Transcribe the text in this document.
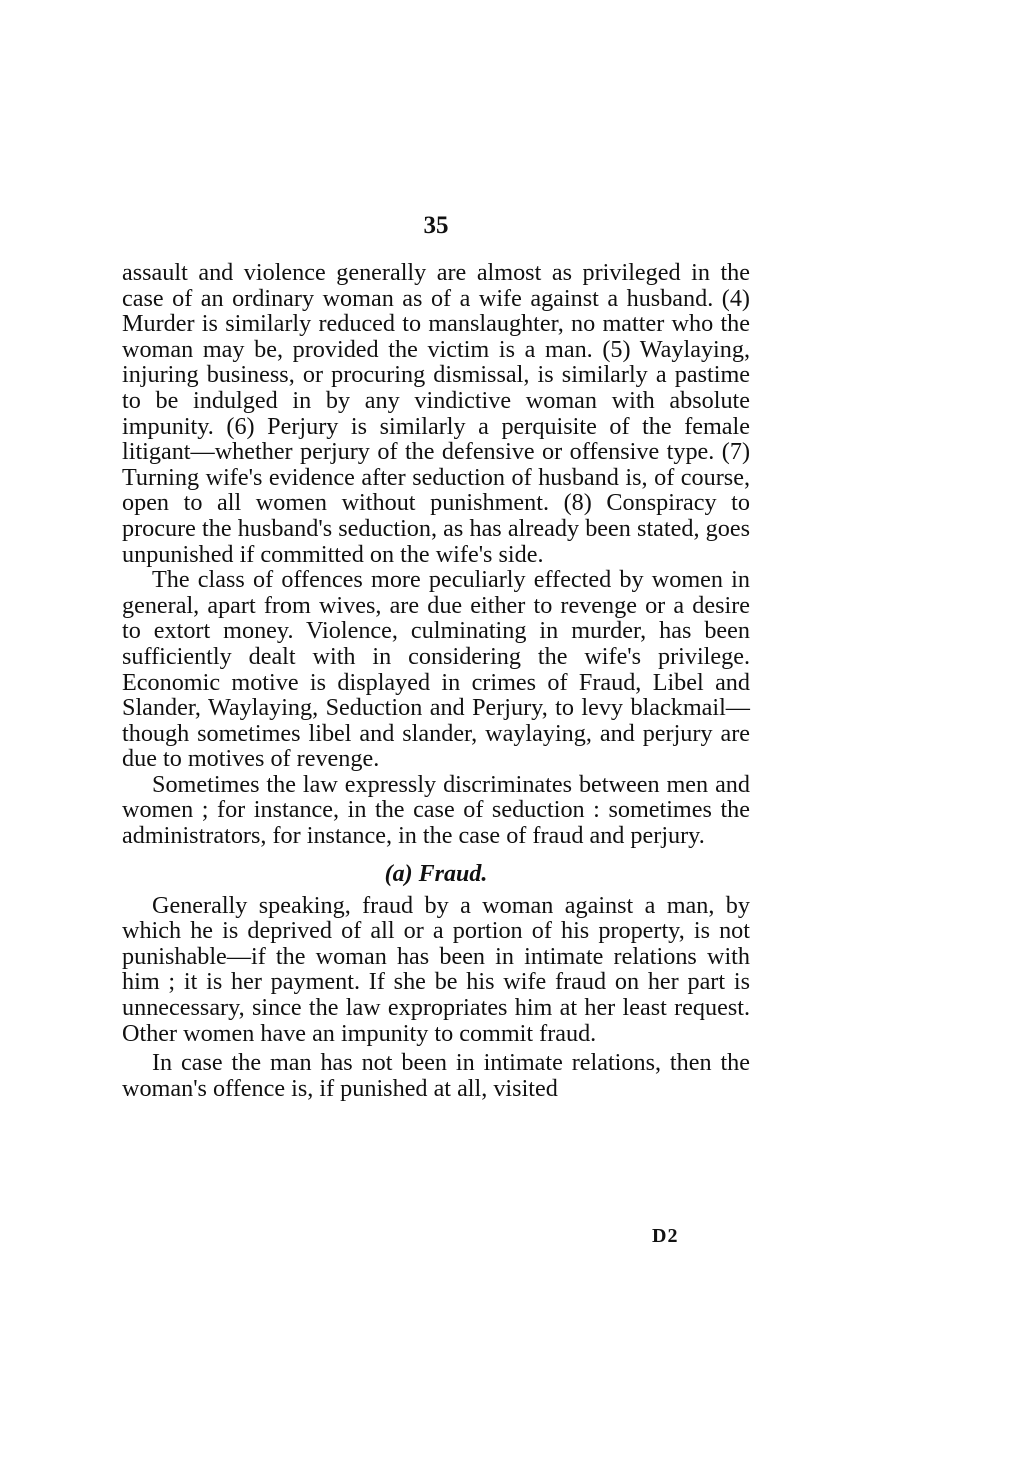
35

assault and violence generally are almost as privileged in the case of an ordinary woman as of a wife against a husband. (4) Murder is similarly reduced to manslaughter, no matter who the woman may be, provided the victim is a man. (5) Waylaying, injuring business, or procuring dismissal, is similarly a pastime to be indulged in by any vindictive woman with absolute impunity. (6) Perjury is similarly a perquisite of the female litigant—whether perjury of the defensive or offensive type. (7) Turning wife's evidence after seduction of husband is, of course, open to all women without punishment. (8) Conspiracy to procure the husband's seduction, as has already been stated, goes unpunished if committed on the wife's side.

The class of offences more peculiarly effected by women in general, apart from wives, are due either to revenge or a desire to extort money. Violence, culminating in murder, has been sufficiently dealt with in considering the wife's privilege. Economic motive is displayed in crimes of Fraud, Libel and Slander, Waylaying, Seduction and Perjury, to levy blackmail—though sometimes libel and slander, waylaying, and perjury are due to motives of revenge.

Sometimes the law expressly discriminates between men and women ; for instance, in the case of seduction : sometimes the administrators, for instance, in the case of fraud and perjury.

(a) Fraud.

Generally speaking, fraud by a woman against a man, by which he is deprived of all or a portion of his property, is not punishable—if the woman has been in intimate relations with him ; it is her payment. If she be his wife fraud on her part is unnecessary, since the law expropriates him at her least request. Other women have an impunity to commit fraud.

In case the man has not been in intimate relations, then the woman's offence is, if punished at all, visited

D2
